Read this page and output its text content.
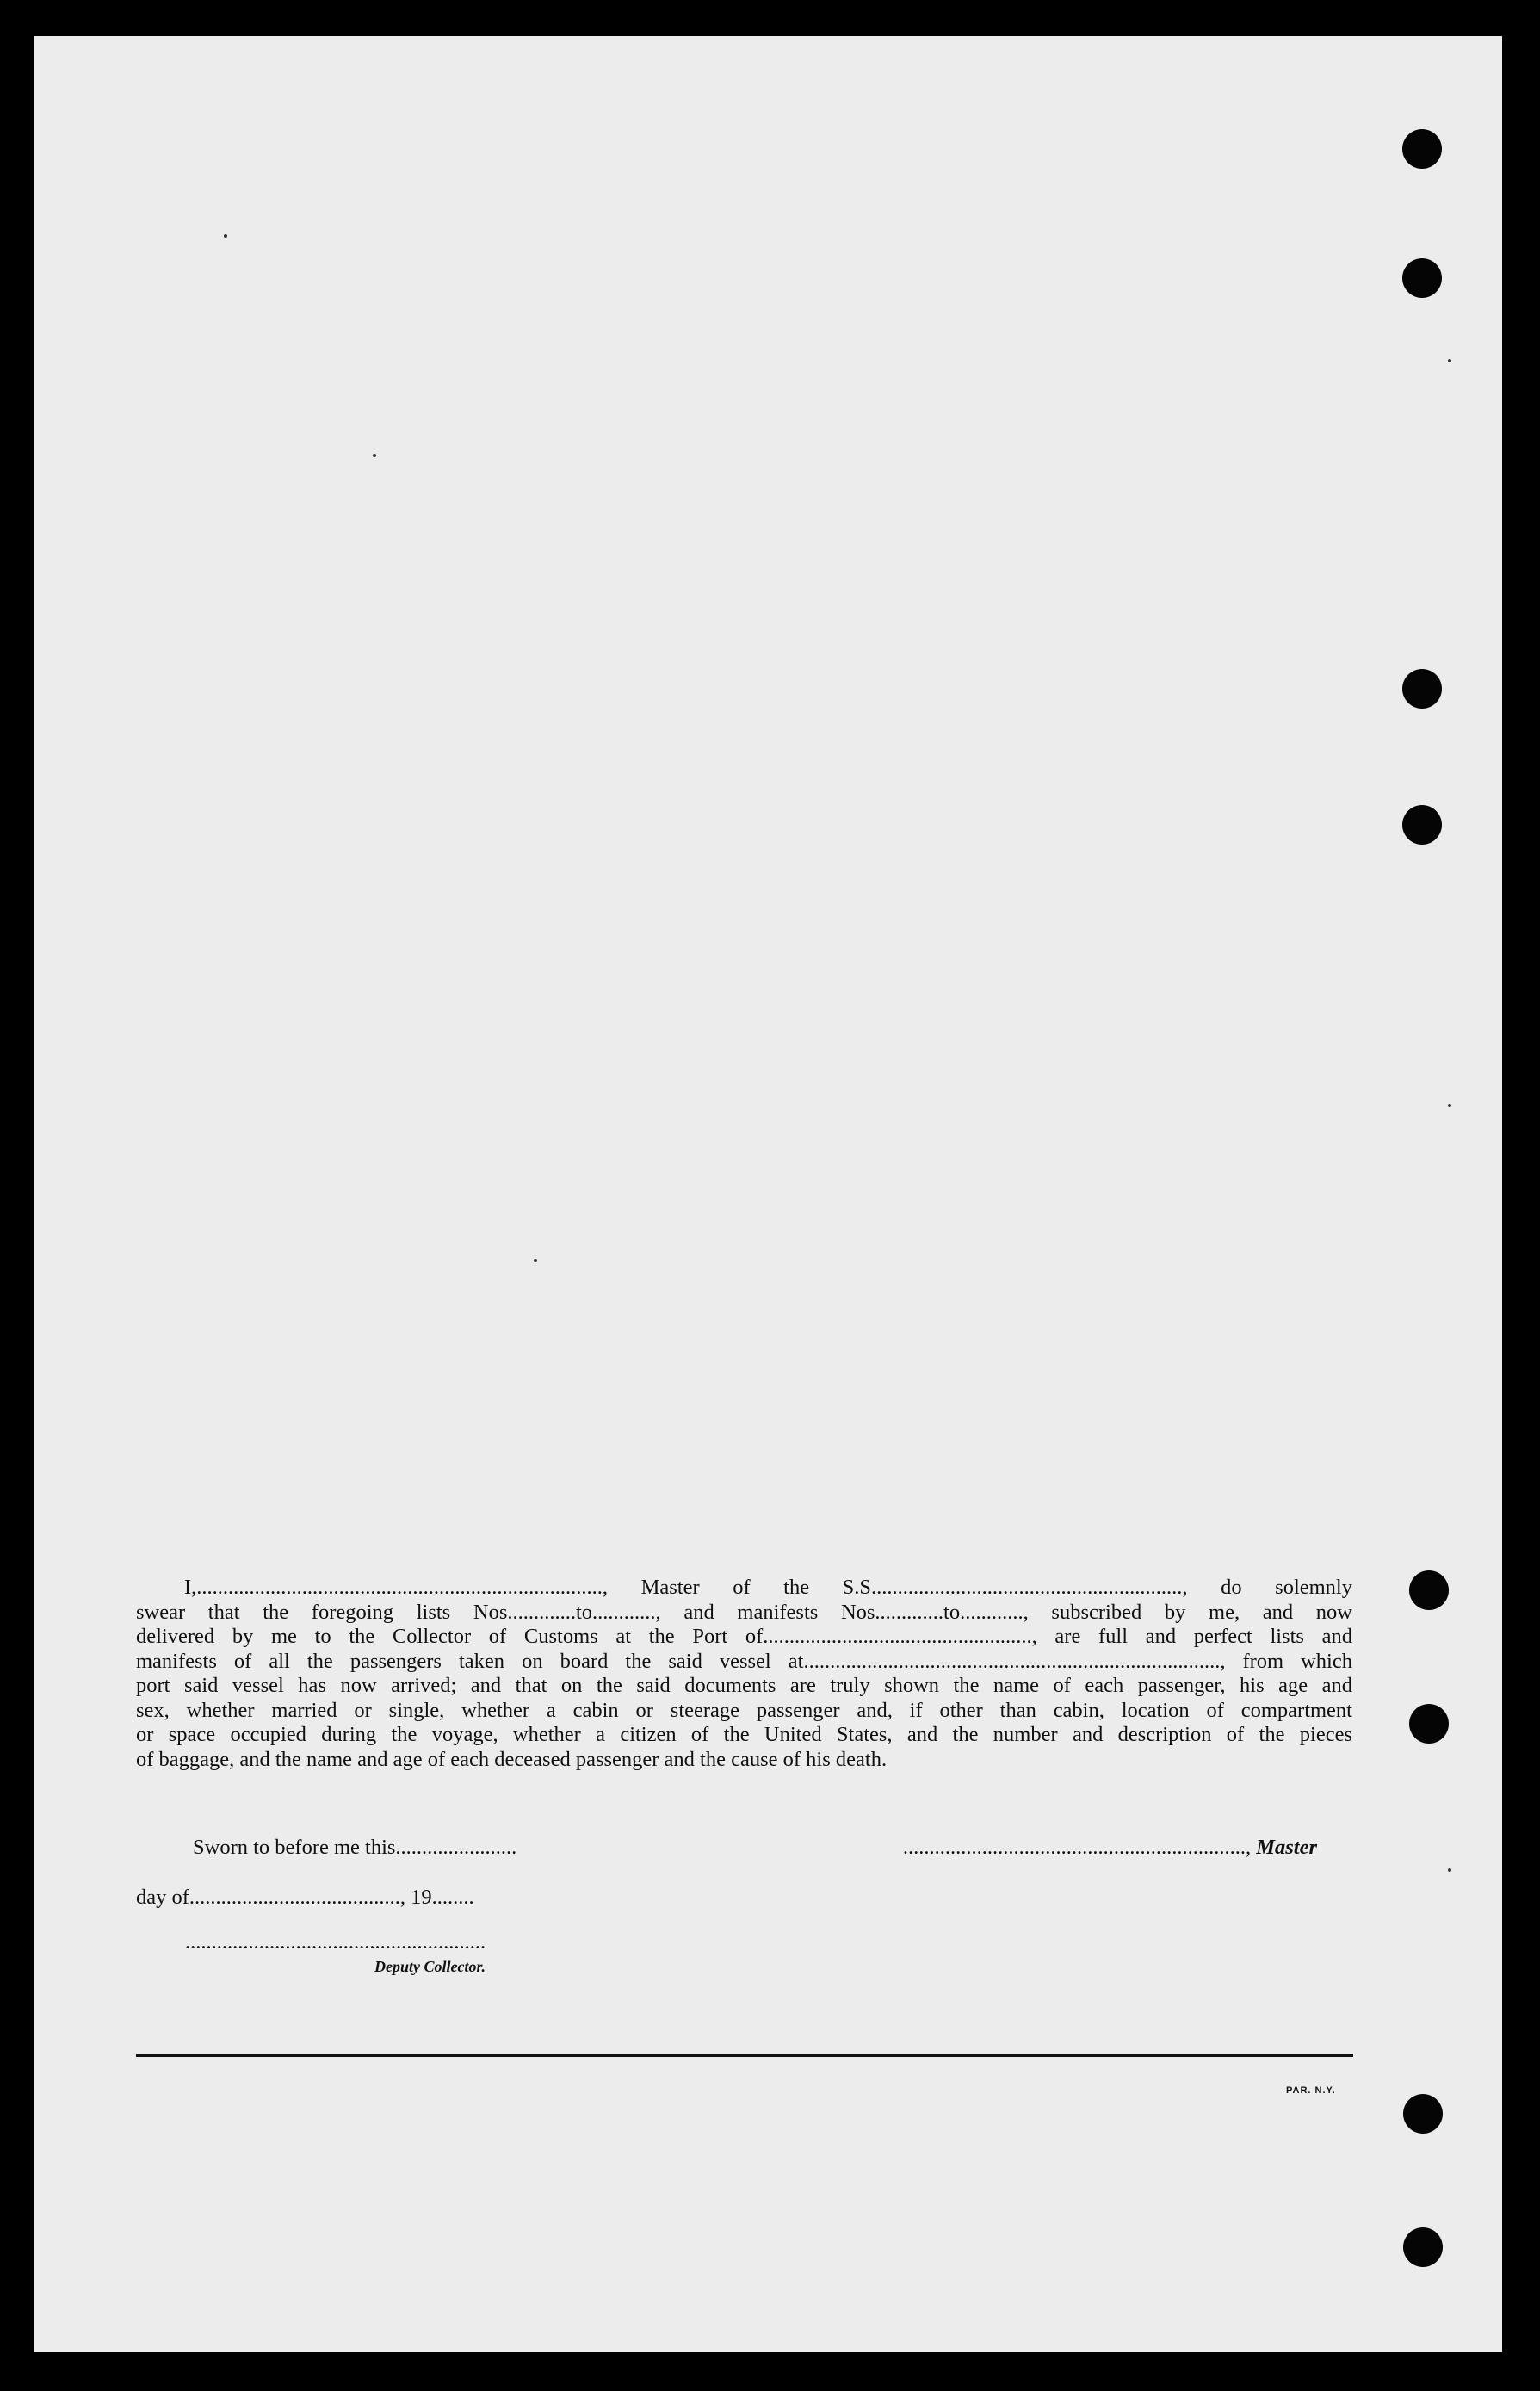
I,............................................................................., Master of the S.S..........................................................., do solemnly
swear that the foregoing lists Nos.............to............, and manifests Nos.............to............, subscribed by me, and now
delivered by me to the Collector of Customs at the Port of..................................................., are full and perfect lists and
manifests of all the passengers taken on board the said vessel at..............................................................................., from which
port said vessel has now arrived; and that on the said documents are truly shown the name of each passenger, his age and
sex, whether married or single, whether a cabin or steerage passenger and, if other than cabin, location of compartment
or space occupied during the voyage, whether a citizen of the United States, and the number and description of the pieces
of baggage, and the name and age of each deceased passenger and the cause of his death.
Sworn to before me this.......................
day of........................................, 19........
................................................................., Master
.........................................................
Deputy Collector.
PAR. N.Y.
